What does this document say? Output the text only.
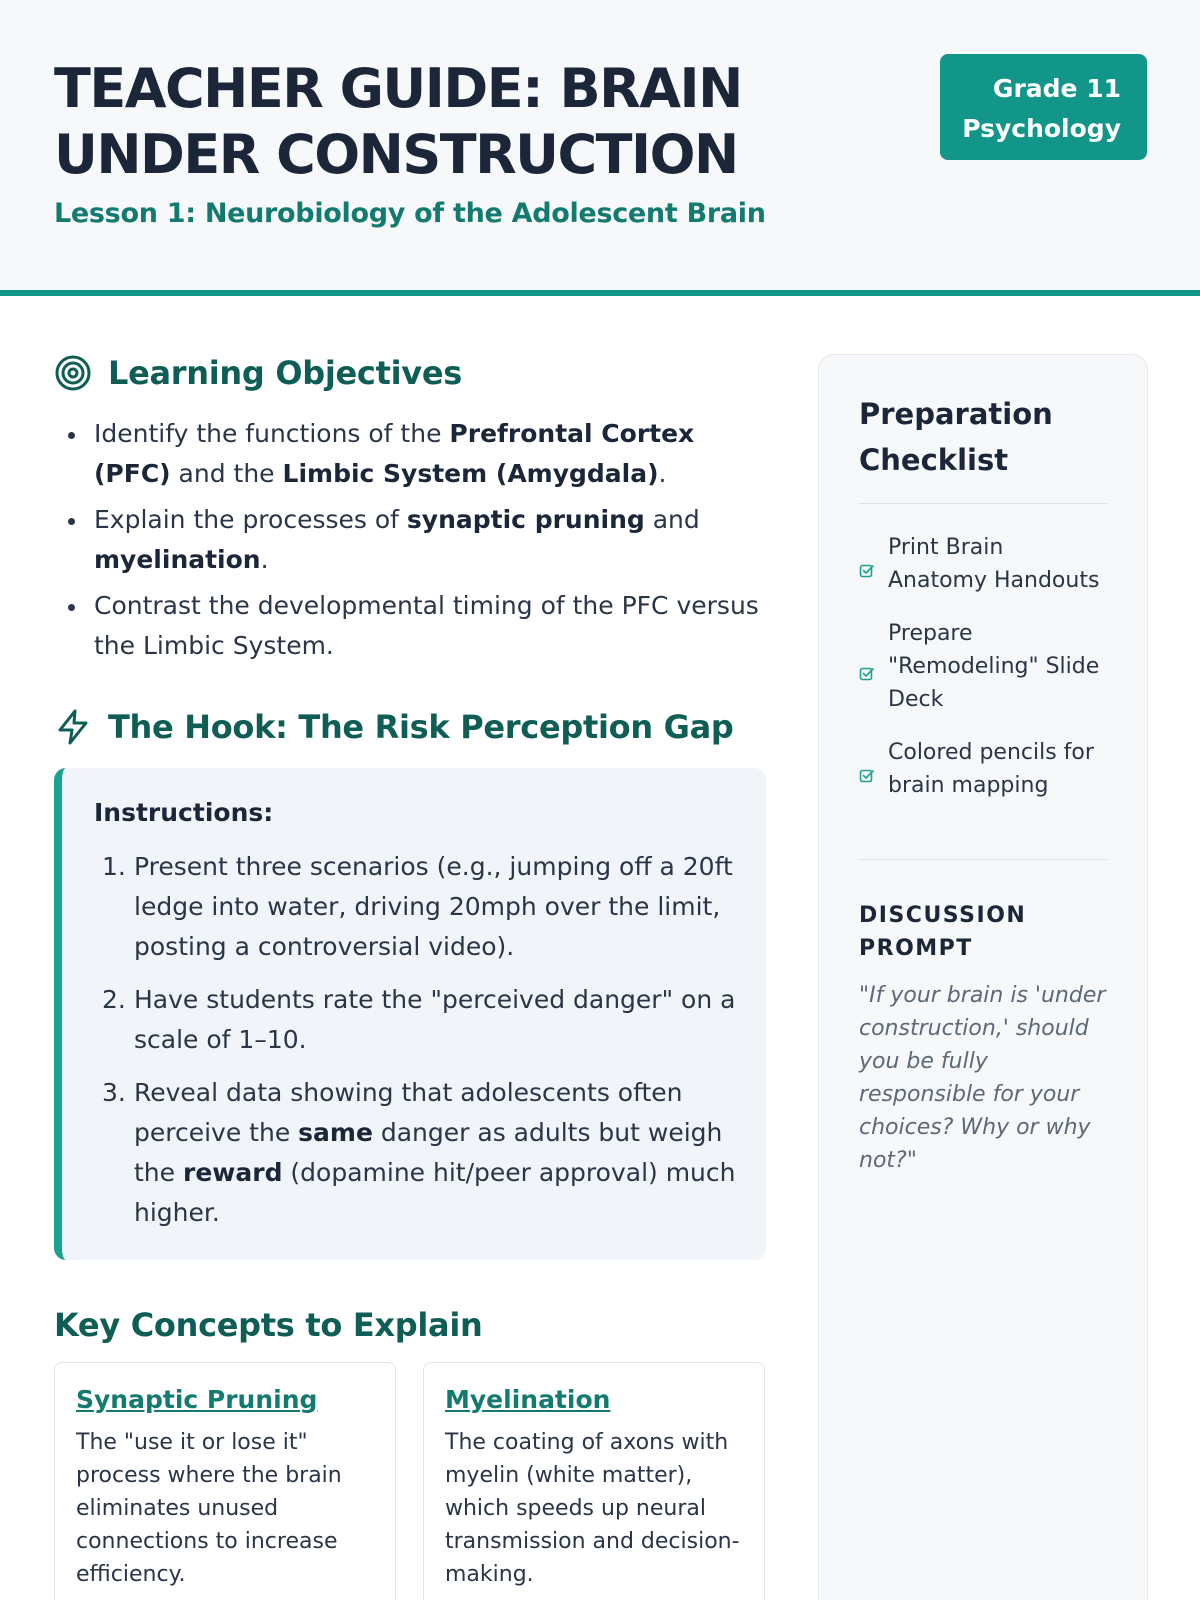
TEACHER GUIDE: BRAIN UNDER CONSTRUCTION
Lesson 1: Neurobiology of the Adolescent Brain
Grade 11
Psychology
Learning Objectives
Identify the functions of the Prefrontal Cortex (PFC) and the Limbic System (Amygdala).
Explain the processes of synaptic pruning and myelination.
Contrast the developmental timing of the PFC versus the Limbic System.
The Hook: The Risk Perception Gap
Instructions:
1. Present three scenarios (e.g., jumping off a 20ft ledge into water, driving 20mph over the limit, posting a controversial video).
2. Have students rate the "perceived danger" on a scale of 1–10.
3. Reveal data showing that adolescents often perceive the same danger as adults but weigh the reward (dopamine hit/peer approval) much higher.
Key Concepts to Explain
Synaptic Pruning
The "use it or lose it" process where the brain eliminates unused connections to increase efficiency.
Myelination
The coating of axons with myelin (white matter), which speeds up neural transmission and decision-making.
Preparation Checklist
Print Brain Anatomy Handouts
Prepare "Remodeling" Slide Deck
Colored pencils for brain mapping
DISCUSSION PROMPT
"If your brain is 'under construction,' should you be fully responsible for your choices? Why or why not?"
